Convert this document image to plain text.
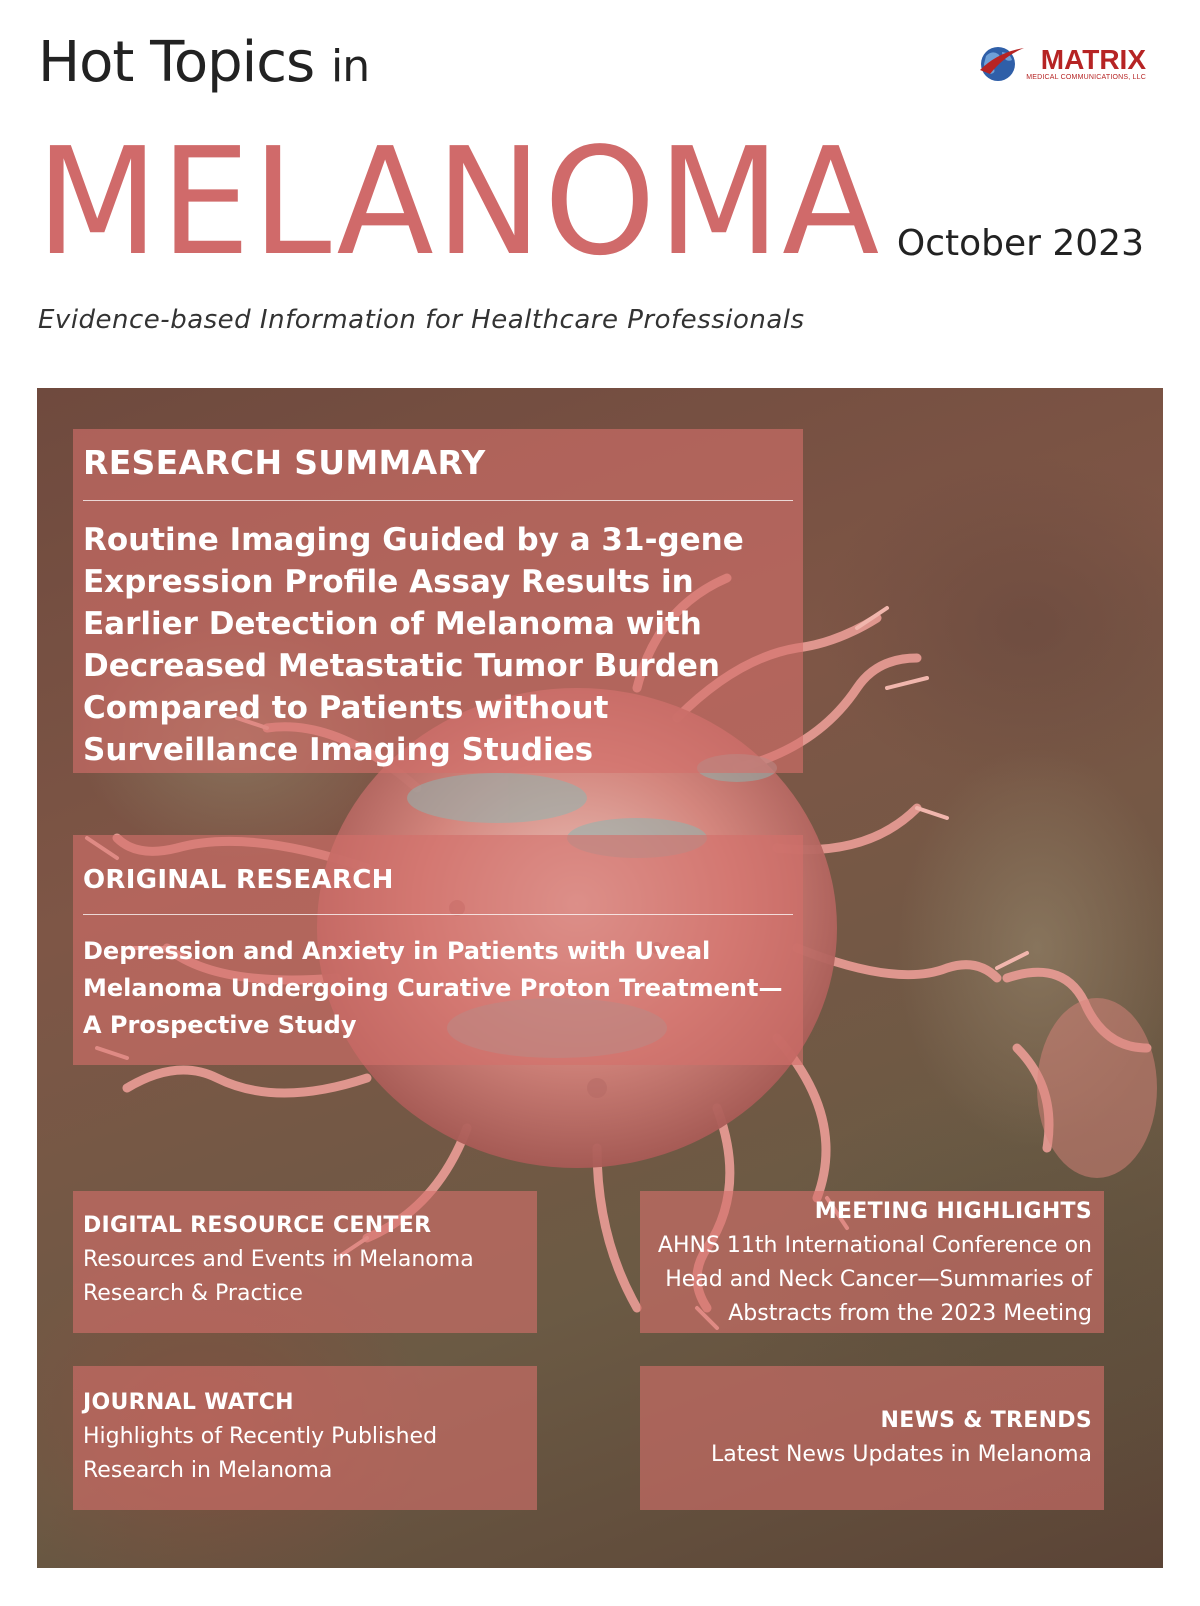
Hot Topics in
MELANOMA October 2023
Evidence-based Information for Healthcare Professionals
MATRIX
MEDICAL COMMUNICATIONS, LLC
RESEARCH SUMMARY
Routine Imaging Guided by a 31-gene Expression Profile Assay Results in Earlier Detection of Melanoma with Decreased Metastatic Tumor Burden Compared to Patients without Surveillance Imaging Studies
ORIGINAL RESEARCH
Depression and Anxiety in Patients with Uveal Melanoma Undergoing Curative Proton Treatment—A Prospective Study
DIGITAL RESOURCE CENTER
Resources and Events in Melanoma Research & Practice
MEETING HIGHLIGHTS
AHNS 11th International Conference on Head and Neck Cancer—Summaries of Abstracts from the 2023 Meeting
JOURNAL WATCH
Highlights of Recently Published Research in Melanoma
NEWS & TRENDS
Latest News Updates in Melanoma
